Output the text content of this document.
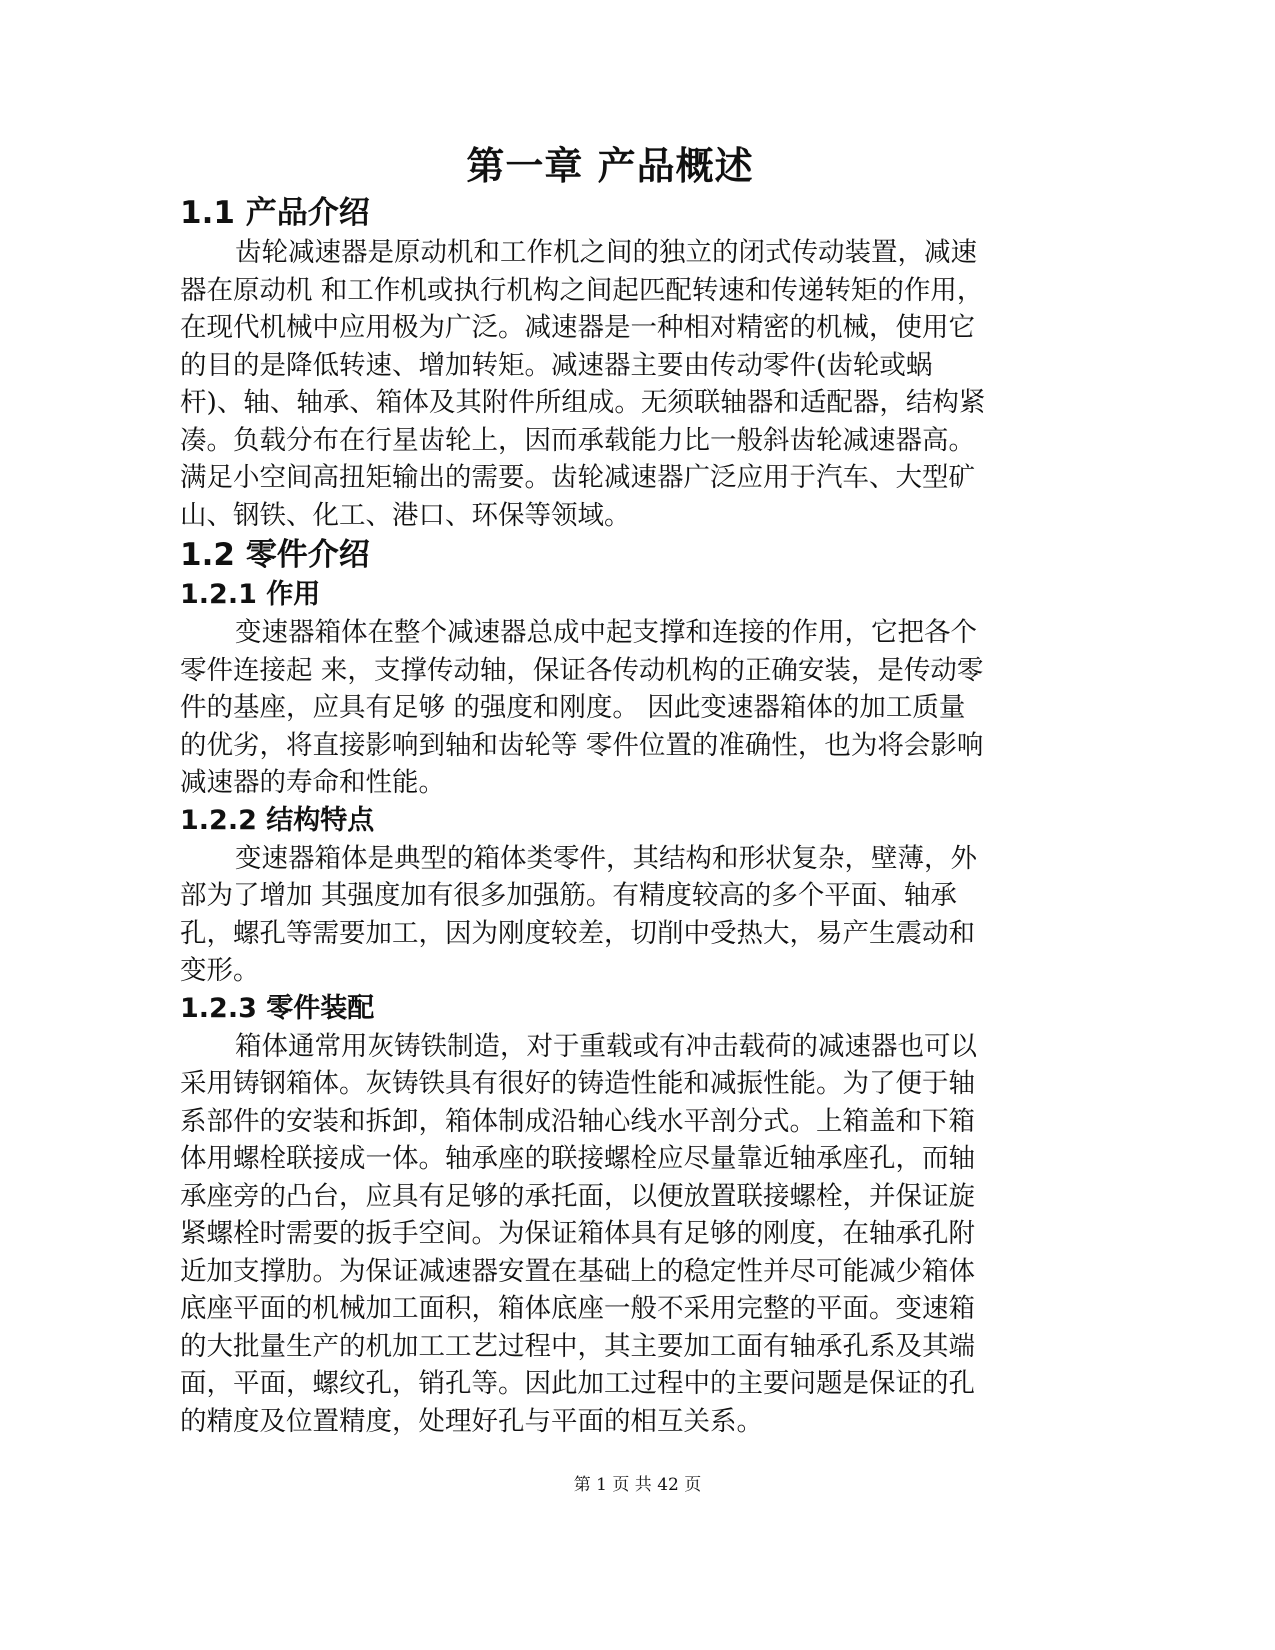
第一章 产品概述
1.1 产品介绍

齿轮减速器是原动机和工作机之间的独立的闭式传动装置，减速
器在原动机 和工作机或执行机构之间起匹配转速和传递转矩的作用，
在现代机械中应用极为广泛。减速器是一种相对精密的机械，使用它
的目的是降低转速、增加转矩。减速器主要由传动零件(齿轮或蜗
杆)、轴、轴承、箱体及其附件所组成。无须联轴器和适配器，结构紧
凑。负载分布在行星齿轮上，因而承载能力比一般斜齿轮减速器高。
满足小空间高扭矩输出的需要。齿轮减速器广泛应用于汽车、大型矿
山、钢铁、化工、港口、环保等领域。

1.2 零件介绍
1.2.1 作用

变速器箱体在整个减速器总成中起支撑和连接的作用，它把各个
零件连接起 来，支撑传动轴，保证各传动机构的正确安装，是传动零
件的基座，应具有足够 的强度和刚度。 因此变速器箱体的加工质量
的优劣，将直接影响到轴和齿轮等 零件位置的准确性，也为将会影响
减速器的寿命和性能。

1.2.2 结构特点

变速器箱体是典型的箱体类零件，其结构和形状复杂，壁薄，外
部为了增加 其强度加有很多加强筋。有精度较高的多个平面、轴承
孔，螺孔等需要加工，因为刚度较差，切削中受热大，易产生震动和
变形。

1.2.3 零件装配

箱体通常用灰铸铁制造，对于重载或有冲击载荷的减速器也可以
采用铸钢箱体。灰铸铁具有很好的铸造性能和减振性能。为了便于轴
系部件的安装和拆卸，箱体制成沿轴心线水平剖分式。上箱盖和下箱
体用螺栓联接成一体。轴承座的联接螺栓应尽量靠近轴承座孔，而轴
承座旁的凸台，应具有足够的承托面，以便放置联接螺栓，并保证旋
紧螺栓时需要的扳手空间。为保证箱体具有足够的刚度，在轴承孔附
近加支撑肋。为保证减速器安置在基础上的稳定性并尽可能减少箱体
底座平面的机械加工面积，箱体底座一般不采用完整的平面。变速箱
的大批量生产的机加工工艺过程中，其主要加工面有轴承孔系及其端
面，平面，螺纹孔，销孔等。因此加工过程中的主要问题是保证的孔
的精度及位置精度，处理好孔与平面的相互关系。

第 1 页 共 42 页
